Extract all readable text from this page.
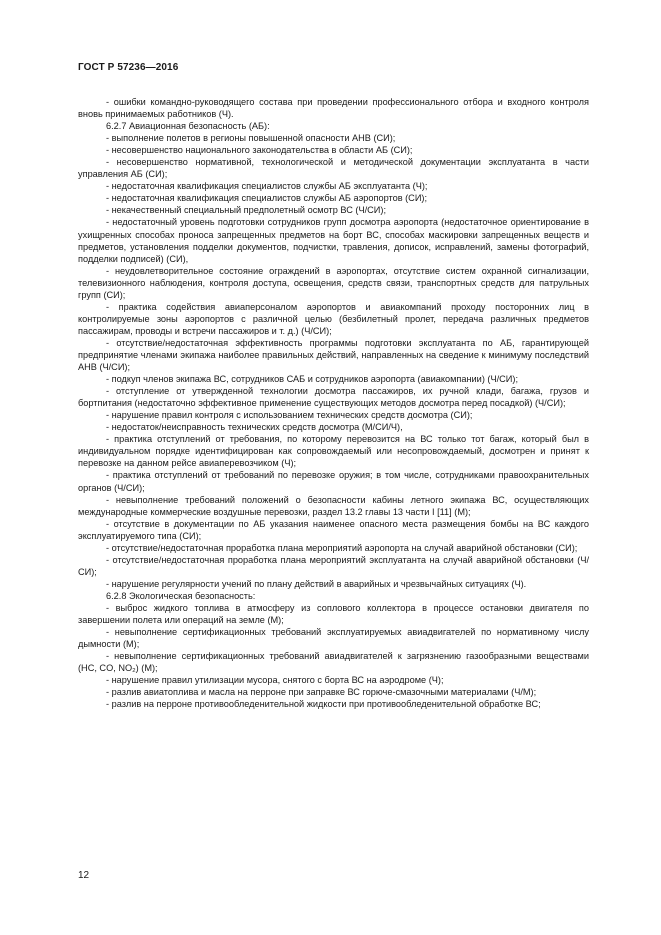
ГОСТ Р 57236—2016

- ошибки командно-руководящего состава при проведении профессионального отбора и входного контроля вновь принимаемых работников (Ч).

6.2.7 Авиационная безопасность (АБ):

- выполнение полетов в регионы повышенной опасности АНВ (СИ);

- несовершенство национального законодательства в области АБ (СИ);

- несовершенство нормативной, технологической и методической документации эксплуатанта в части управления АБ (СИ);

- недостаточная квалификация специалистов службы АБ эксплуатанта (Ч);

- недостаточная квалификация специалистов службы АБ аэропортов (СИ);

- некачественный специальный предполетный осмотр ВС (Ч/СИ);

- недостаточный уровень подготовки сотрудников групп досмотра аэропорта (недостаточное ориентирование в ухищренных способах проноса запрещенных предметов на борт ВС, способах маскировки запрещенных веществ и предметов, установления подделки документов, подчистки, травления, дописок, исправлений, замены фотографий, подделки подписей) (СИ),

- неудовлетворительное состояние ограждений в аэропортах, отсутствие систем охранной сигнализации, телевизионного наблюдения, контроля доступа, освещения, средств связи, транспортных средств для патрульных групп (СИ);

- практика содействия авиаперсоналом аэропортов и авиакомпаний проходу посторонних лиц в контролируемые зоны аэропортов с различной целью (безбилетный пролет, передача различных предметов пассажирам, проводы и встречи пассажиров и т. д.) (Ч/СИ);

- отсутствие/недостаточная эффективность программы подготовки эксплуатанта по АБ, гарантирующей предпринятие членами экипажа наиболее правильных действий, направленных на сведение к минимуму последствий АНВ (Ч/СИ);

- подкуп членов экипажа ВС, сотрудников САБ и сотрудников аэропорта (авиакомпании) (Ч/СИ);

- отступление от утвержденной технологии досмотра пассажиров, их ручной клади, багажа, грузов и бортпитания (недостаточно эффективное применение существующих методов досмотра перед посадкой) (Ч/СИ);

- нарушение правил контроля с использованием технических средств досмотра (СИ);

- недостаток/неисправность технических средств досмотра (М/СИ/Ч),

- практика отступлений от требования, по которому перевозится на ВС только тот багаж, который был в индивидуальном порядке идентифицирован как сопровождаемый или несопровождаемый, досмотрен и принят к перевозке на данном рейсе авиаперевозчиком (Ч);

- практика отступлений от требований по перевозке оружия; в том числе, сотрудниками правоохранительных органов (Ч/СИ);

- невыполнение требований положений о безопасности кабины летного экипажа ВС, осуществляющих международные коммерческие воздушные перевозки, раздел 13.2 главы 13 части I [11] (М);

- отсутствие в документации по АБ указания наименее опасного места размещения бомбы на ВС каждого эксплуатируемого типа (СИ);

- отсутствие/недостаточная проработка плана мероприятий аэропорта на случай аварийной обстановки (СИ);

- отсутствие/недостаточная проработка плана мероприятий эксплуатанта на случай аварийной обстановки (Ч/СИ);

- нарушение регулярности учений по плану действий в аварийных и чрезвычайных ситуациях (Ч).

6.2.8 Экологическая безопасность:

- выброс жидкого топлива в атмосферу из соплового коллектора в процессе остановки двигателя по завершении полета или операций на земле (М);

- невыполнение сертификационных требований эксплуатируемых авиадвигателей по нормативному числу дымности (М);

- невыполнение сертификационных требований авиадвигателей к загрязнению газообразными веществами (HC, CO, NO₂) (М);

- нарушение правил утилизации мусора, снятого с борта ВС на аэродроме (Ч);

- разлив авиатоплива и масла на перроне при заправке ВС горюче-смазочными материалами (Ч/М);

- разлив на перроне противообледенительной жидкости при противообледенительной обработке ВС;

12
